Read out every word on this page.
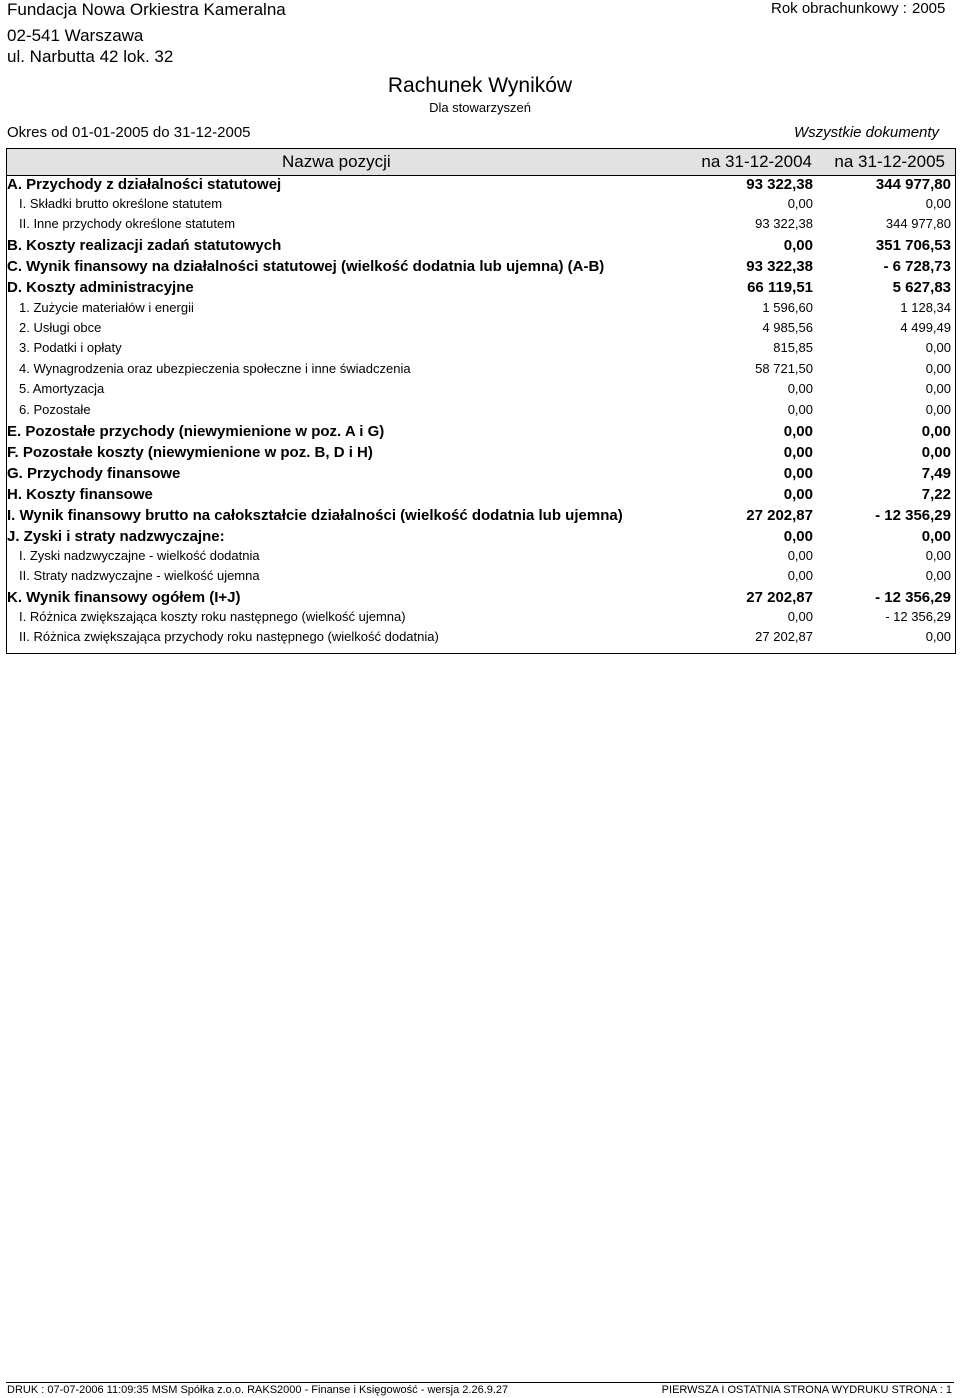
Fundacja Nowa Orkiestra Kameralna
02-541 Warszawa
ul. Narbutta 42 lok. 32
Rok obrachunkowy : 2005
Rachunek Wyników
Dla stowarzyszeń
Okres od 01-01-2005 do 31-12-2005	Wszystkie dokumenty
Nazwa pozycji	na 31-12-2004 na 31-12-2005
A. Przychody z działalności statutowej	93 322,38	344 977,80
I. Składki brutto określone statutem	0,00	0,00
II. Inne przychody określone statutem	93 322,38	344 977,80
B. Koszty realizacji zadań statutowych	0,00	351 706,53
C. Wynik finansowy na działalności statutowej (wielkość dodatnia lub ujemna) (A-B)	93 322,38	- 6 728,73
D. Koszty administracyjne	66 119,51	5 627,83
1. Zużycie materiałów i energii	1 596,60	1 128,34
2. Usługi obce	4 985,56	4 499,49
3. Podatki i opłaty	815,85	0,00
4. Wynagrodzenia oraz ubezpieczenia społeczne i inne świadczenia	58 721,50	0,00
5. Amortyzacja	0,00	0,00
6. Pozostałe	0,00	0,00
E. Pozostałe przychody (niewymienione w poz. A i G)	0,00	0,00
F. Pozostałe koszty (niewymienione w poz. B, D i H)	0,00	0,00
G. Przychody finansowe	0,00	7,49
H. Koszty finansowe	0,00	7,22
I. Wynik finansowy brutto na całokształcie działalności (wielkość dodatnia lub ujemna)	27 202,87	- 12 356,29
J. Zyski i straty nadzwyczajne:	0,00	0,00
I. Zyski nadzwyczajne - wielkość dodatnia	0,00	0,00
II. Straty nadzwyczajne - wielkość ujemna	0,00	0,00
K. Wynik finansowy ogółem (I+J)	27 202,87	- 12 356,29
I. Różnica zwiększająca koszty roku następnego (wielkość ujemna)	0,00	- 12 356,29
II. Różnica zwiększająca przychody roku następnego (wielkość dodatnia)	27 202,87	0,00
DRUK : 07-07-2006 11:09:35 MSM Spółka z.o.o. RAKS2000 - Finanse i Księgowość - wersja 2.26.9.27	PIERWSZA I OSTATNIA STRONA WYDRUKU STRONA : 1
